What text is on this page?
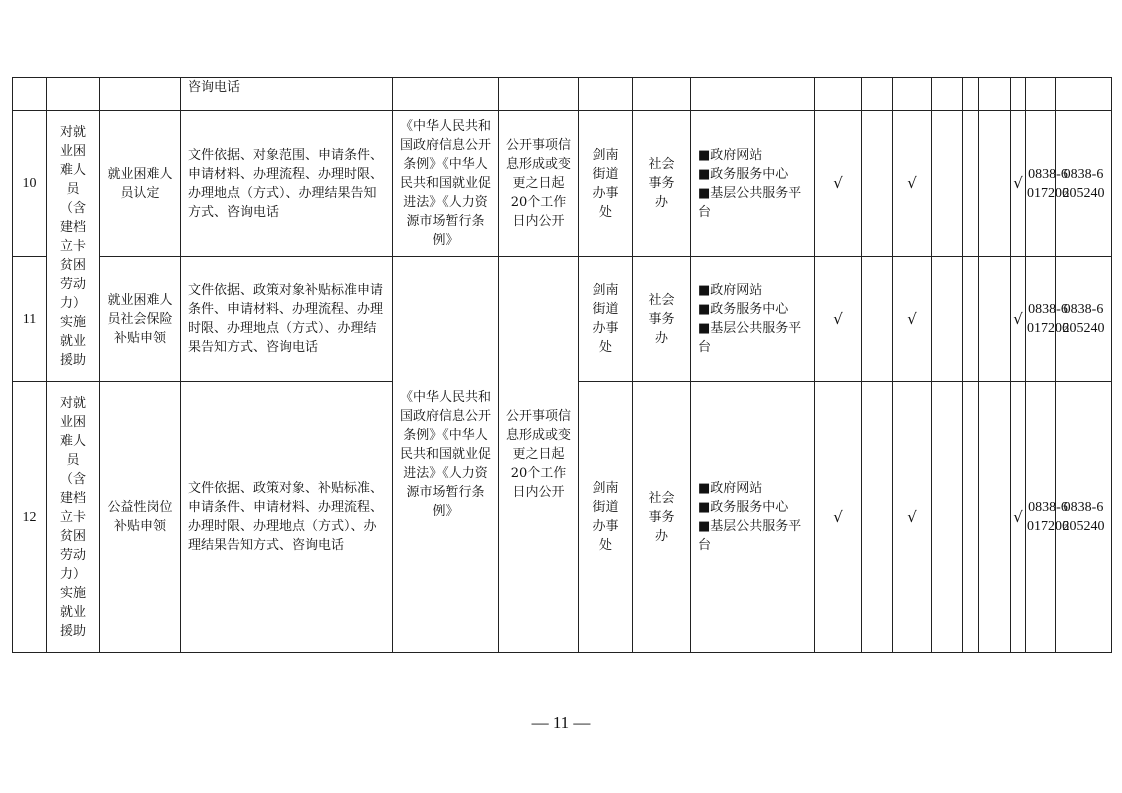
			咨询电话														
10	对就业困难人员（含建档立卡贫困劳动力）实施就业援助	就业困难人员认定	文件依据、对象范围、申请条件、申请材料、办理流程、办理时限、办理地点（方式）、办理结果告知方式、咨询电话	《中华人民共和国政府信息公开条例》《中华人民共和国就业促进法》《人力资源市场暂行条例》	公开事项信息形成或变更之日起20个工作日内公开	剑南街道办事处	社会事务办	■政府网站
■政务服务中心
■基层公共服务平台	√		√				√	0838-6017206	0838-6205240

11		就业困难人员社会保险补贴申领	文件依据、政策对象补贴标准申请条件、申请材料、办理流程、办理时限、办理地点（方式）、办理结果告知方式、咨询电话	《中华人民共和国政府信息公开条例》《中华人民共和国就业促进法》《人力资源市场暂行条例》	公开事项信息形成或变更之日起20个工作日内公开	剑南街道办事处	社会事务办	■政府网站
■政务服务中心
■基层公共服务平台	√		√				√	0838-6017206	0838-6205240

12	对就业困难人员（含建档立卡贫困劳动力）实施就业援助	公益性岗位补贴申领	文件依据、政策对象、补贴标准、申请条件、申请材料、办理流程、办理时限、办理地点（方式）、办理结果告知方式、咨询电话			剑南街道办事处	社会事务办	■政府网站
■政务服务中心
■基层公共服务平台	√		√				√	0838-6017206	0838-6205240
— 11 —
